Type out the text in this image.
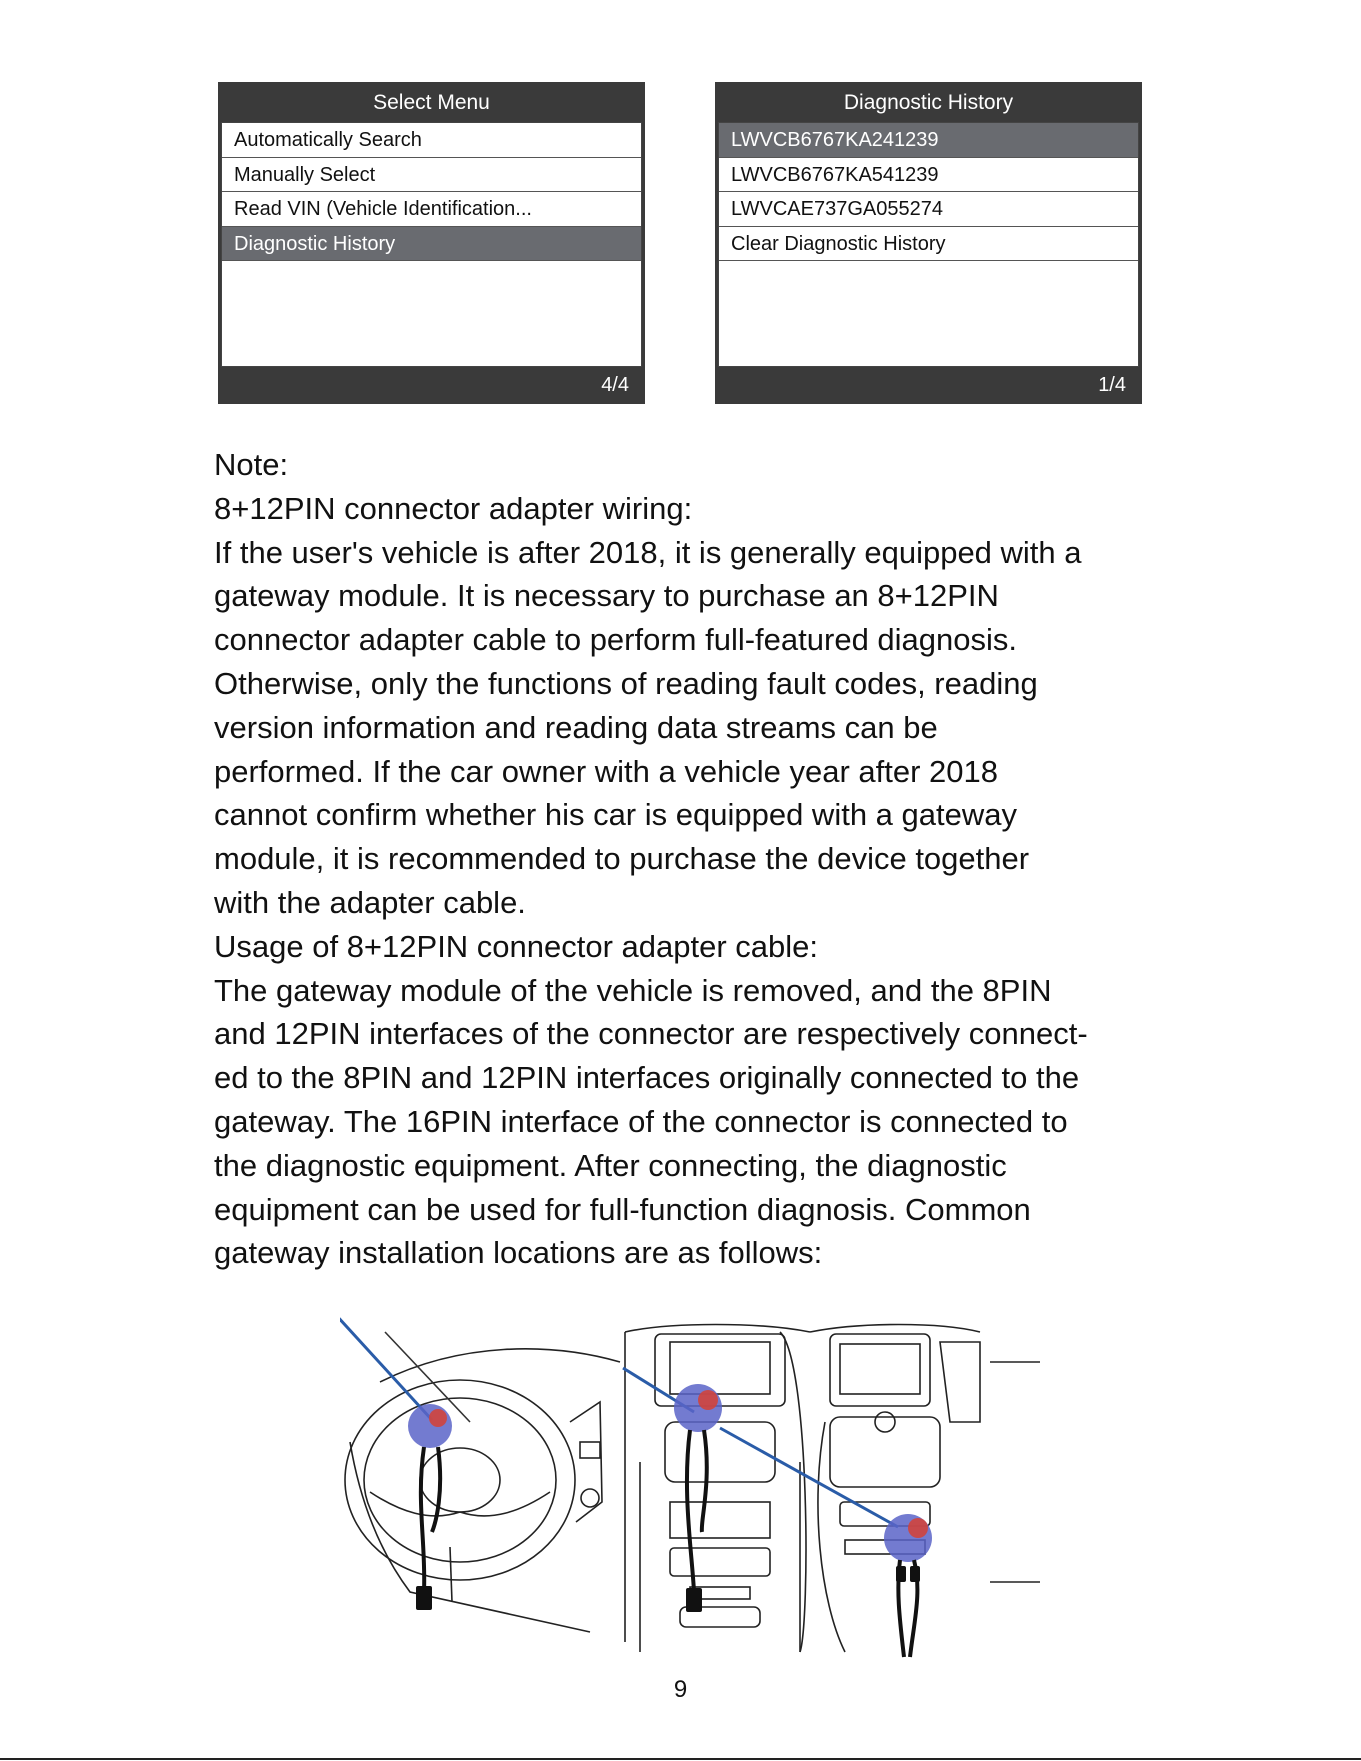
Select Menu
Automatically Search
Manually Select
Read VIN (Vehicle Identification...
Diagnostic History
4/4
Diagnostic History
LWVCB6767KA241239
LWVCB6767KA541239
LWVCAE737GA055274
Clear Diagnostic History
1/4

Note:

8+12PIN connector adapter wiring:

If the user's vehicle is after 2018, it is generally equipped with a

gateway module. It is necessary to purchase an 8+12PIN

connector adapter cable to perform full-featured diagnosis.

Otherwise, only the functions of reading fault codes, reading

version information and reading data streams can be

performed. If the car owner with a vehicle year after 2018

cannot confirm whether his car is equipped with a gateway

module, it is recommended to purchase the device together

with the adapter cable.

Usage of 8+12PIN connector adapter cable:

The gateway module of the vehicle is removed, and the 8PIN

and 12PIN interfaces of the connector are respectively connect-

ed to the 8PIN and 12PIN interfaces originally connected to the

gateway. The 16PIN interface of the connector is connected to

the diagnostic equipment. After connecting, the diagnostic

equipment can be used for full-function diagnosis. Common

gateway installation locations are as follows:

9
